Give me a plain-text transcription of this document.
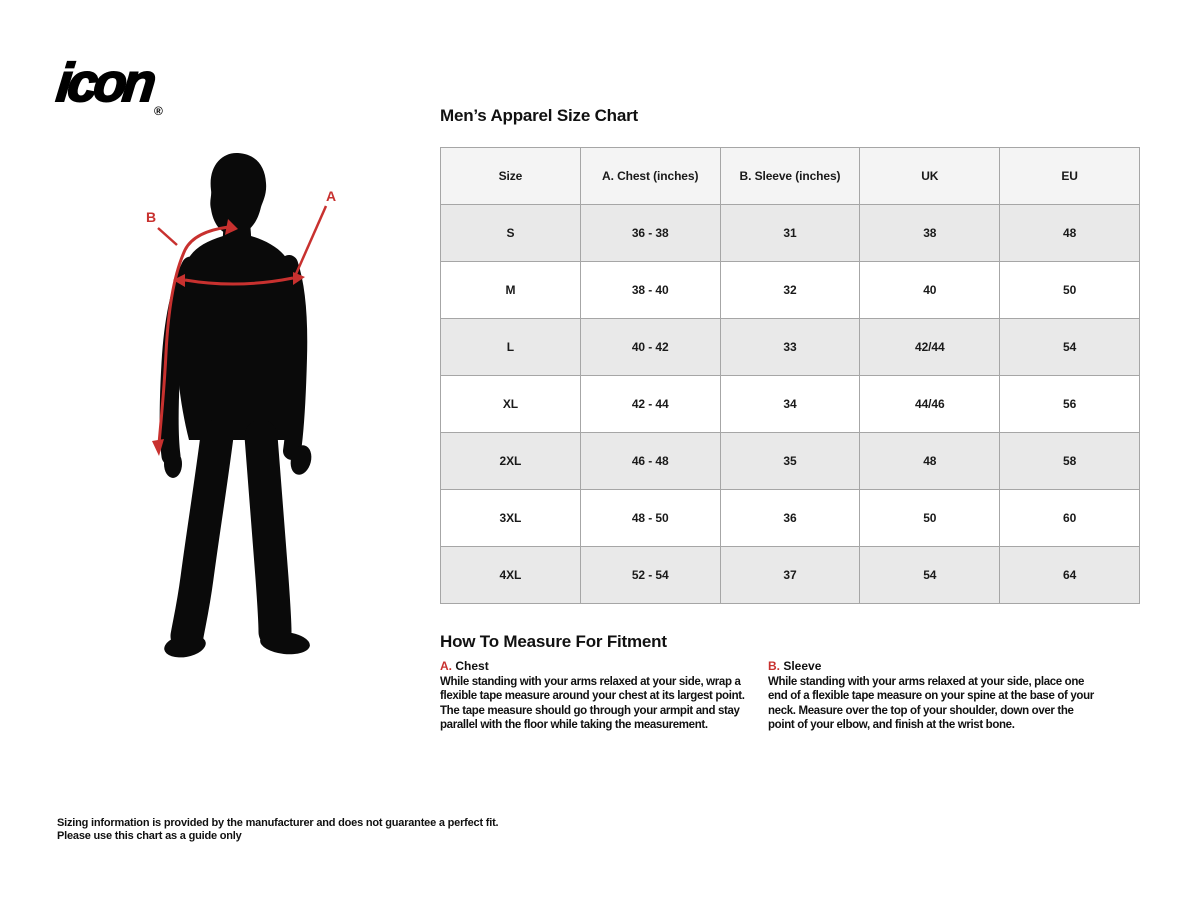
icon$_®$
A
B
Men’s Apparel Size Chart
Size	A. Chest (inches)	B. Sleeve (inches)	UK	EU
S	36 - 38	31	38	48
M	38 - 40	32	40	50
L	40 - 42	33	42/44	54
XL	42 - 44	34	44/46	56
2XL	46 - 48	35	48	58
3XL	48 - 50	36	50	60
4XL	52 - 54	37	54	64
How To Measure For Fitment
A. Chest

While standing with your arms relaxed at your side, wrap a flexible tape measure around your chest at its largest point. The tape measure should go through your armpit and stay parallel with the floor while taking the measurement.

B. Sleeve

While standing with your arms relaxed at your side, place one end of a flexible tape measure on your spine at the base of your neck. Measure over the top of your shoulder, down over the point of your elbow, and finish at the wrist bone.

Sizing information is provided by the manufacturer and does not guarantee a perfect fit.
Please use this chart as a guide only
